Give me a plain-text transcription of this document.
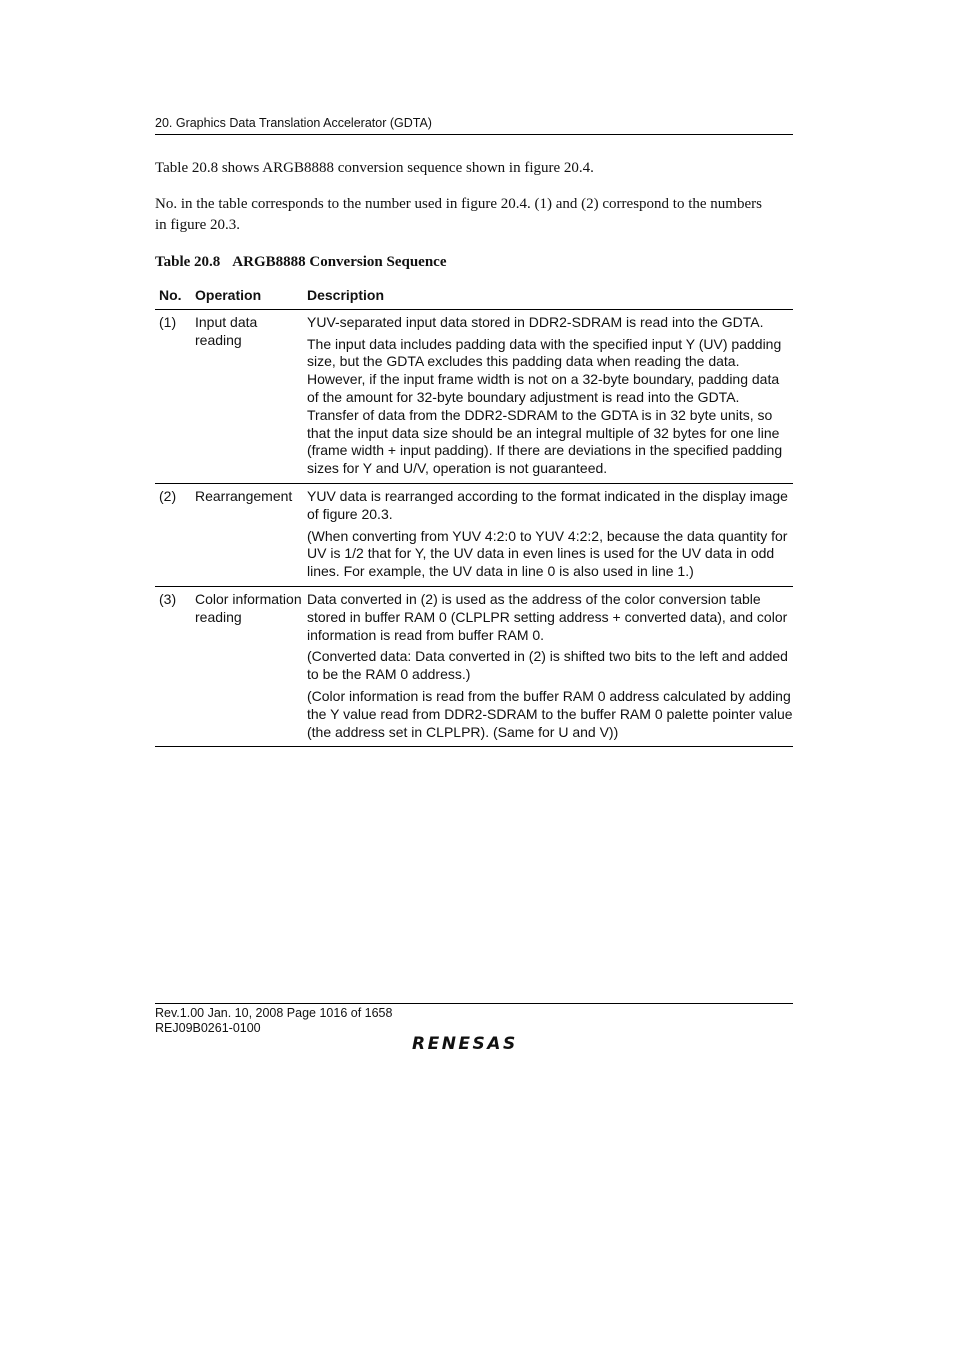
20. Graphics Data Translation Accelerator (GDTA)

Table 20.8 shows ARGB8888 conversion sequence shown in figure 20.4.

No. in the table corresponds to the number used in figure 20.4. (1) and (2) correspond to the numbers in figure 20.3.

Table 20.8 ARGB8888 Conversion Sequence

No.	Operation	Description
(1)	Input data reading	YUV-separated input data stored in DDR2-SDRAM is read into the GDTA.

The input data includes padding data with the specified input Y (UV) padding size, but the GDTA excludes this padding data when reading the data. However, if the input frame width is not on a 32-byte boundary, padding data of the amount for 32-byte boundary adjustment is read into the GDTA. Transfer of data from the DDR2-SDRAM to the GDTA is in 32 byte units, so that the input data size should be an integral multiple of 32 bytes for one line (frame width + input padding). If there are deviations in the specified padding sizes for Y and U/V, operation is not guaranteed.

(2)	Rearrangement	YUV data is rearranged according to the format indicated in the display image of figure 20.3.

(When converting from YUV 4:2:0 to YUV 4:2:2, because the data quantity for UV is 1/2 that for Y, the UV data in even lines is used for the UV data in odd lines. For example, the UV data in line 0 is also used in line 1.)

(3)	Color information reading	Data converted in (2) is used as the address of the color conversion table stored in buffer RAM 0 (CLPLPR setting address + converted data), and color information is read from buffer RAM 0.

(Converted data: Data converted in (2) is shifted two bits to the left and added to be the RAM 0 address.)

(Color information is read from the buffer RAM 0 address calculated by adding the Y value read from DDR2-SDRAM to the buffer RAM 0 palette pointer value (the address set in CLPLPR). (Same for U and V))

Rev.1.00 Jan. 10, 2008 Page 1016 of 1658
REJ09B0261-0100
RENESAS
